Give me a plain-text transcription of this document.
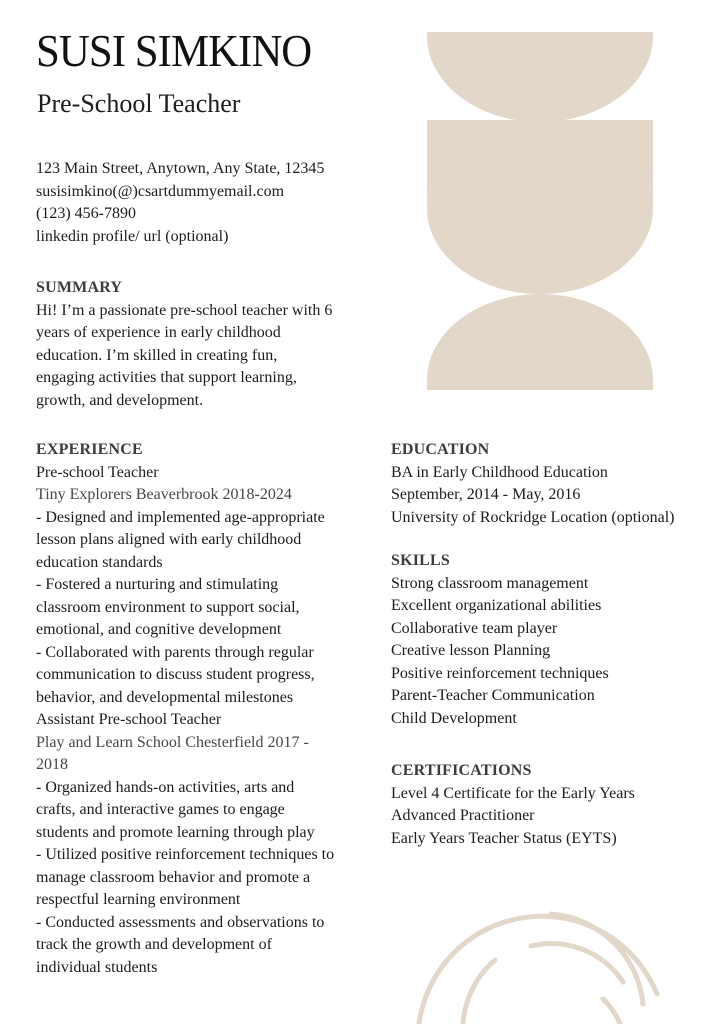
SUSI SIMKINO
Pre-School Teacher
123 Main Street, Anytown, Any State, 12345
susisimkino(@)csartdummyemail.com
(123) 456-7890
linkedin profile/ url (optional)
SUMMARY
Hi! I’m a passionate pre-school teacher with 6
years of experience in early childhood
education. I’m skilled in creating fun,
engaging activities that support learning,
growth, and development.
EXPERIENCE
Pre-school Teacher
Tiny Explorers Beaverbrook 2018-2024
- Designed and implemented age-appropriate
lesson plans aligned with early childhood
education standards
- Fostered a nurturing and stimulating
classroom environment to support social,
emotional, and cognitive development
- Collaborated with parents through regular
communication to discuss student progress,
behavior, and developmental milestones
Assistant Pre-school Teacher
Play and Learn School Chesterfield 2017 -
2018
- Organized hands-on activities, arts and
crafts, and interactive games to engage
students and promote learning through play
- Utilized positive reinforcement techniques to
manage classroom behavior and promote a
respectful learning environment
- Conducted assessments and observations to
track the growth and development of
individual students
EDUCATION
BA in Early Childhood Education
September, 2014 - May, 2016
University of Rockridge Location (optional)
SKILLS
Strong classroom management
Excellent organizational abilities
Collaborative team player
Creative lesson Planning
Positive reinforcement techniques
Parent-Teacher Communication
Child Development
CERTIFICATIONS
Level 4 Certificate for the Early Years
Advanced Practitioner
Early Years Teacher Status (EYTS)
